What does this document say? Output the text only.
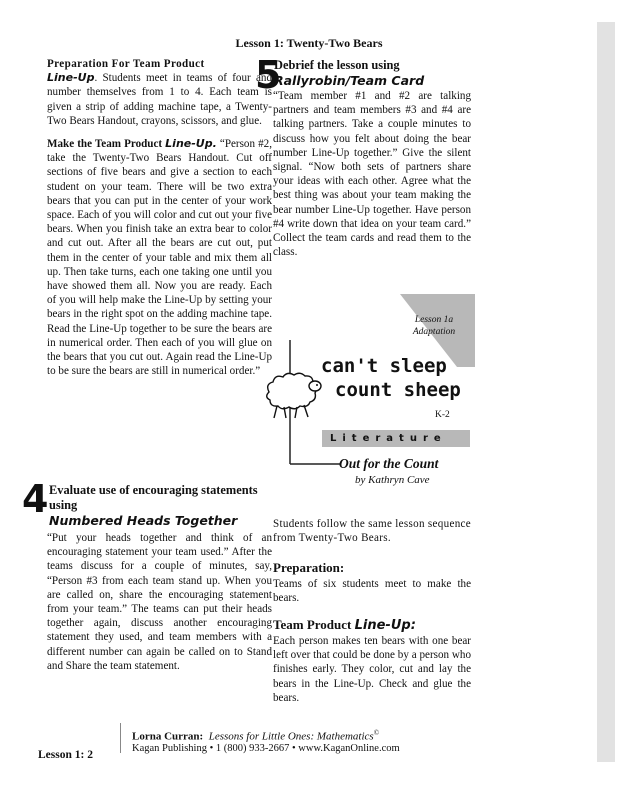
Lesson 1: Twenty-Two Bears

Preparation For Team Product
Line-Up. Students meet in teams of four and number themselves from 1 to 4. Each team is given a strip of adding machine tape, a Twenty-Two Bears Handout, crayons, scissors, and glue.

Make the Team Product Line-Up. “Person #2, take the Twenty-Two Bears Handout. Cut off sections of five bears and give a section to each student on your team. There will be two extra bears that you can put in the center of your work space. Each of you will color and cut out your five bears. When you finish take an extra bear to color and cut out. After all the bears are cut out, put them in the center of your table and mix them all up. Then take turns, each one taking one until you have showed them all. Now you are ready. Each of you will help make the Line-Up by setting your bears in the right spot on the adding machine tape. Read the Line-Up together to be sure the bears are in numerical order. Then each of you will glue on the bears that you cut out. Again read the Line-Up to be sure the bears are still in numerical order.”

4 Evaluate use of encouraging statements using
Numbered Heads Together
“Put your heads together and think of an encouraging statement your team used.” After the teams discuss for a couple of minutes, say, “Person #3 from each team stand up. When you are called on, share the encouraging statement from your team.” The teams can put their heads together again, discuss another encouraging statement they used, and team members with a different number can again be called on to Stand and Share the team statement.
5
Debrief the lesson using
Rallyrobin/Team Card
“Team member #1 and #2 are talking partners and team members #3 and #4 are talking partners. Take a couple minutes to discuss how you felt about doing the bear number Line-Up together.” Give the silent signal. “Now both sets of partners share your ideas with each other. Agree what the best thing was about your team making the bear number Line-Up together. Have person #4 write down that idea on your team card.” Collect the team cards and read them to the class.
Lesson 1a
Adaptation
can't sleep
count sheep
K-2
Literature
Out for the Count
by Kathryn Cave
Students follow the same lesson sequence from Twenty-Two Bears.
Preparation:
Teams of six students meet to make the bears.
Team Product Line-Up:
Each person makes ten bears with one bear left over that could be done by a person who finishes early. They color, cut and lay the bears in the Line-Up. Check and glue the bears.
Lorna Curran: Lessons for Little Ones: Mathematics©
Kagan Publishing • 1 (800) 933-2667 • www.KaganOnline.com
Lesson 1: 2
